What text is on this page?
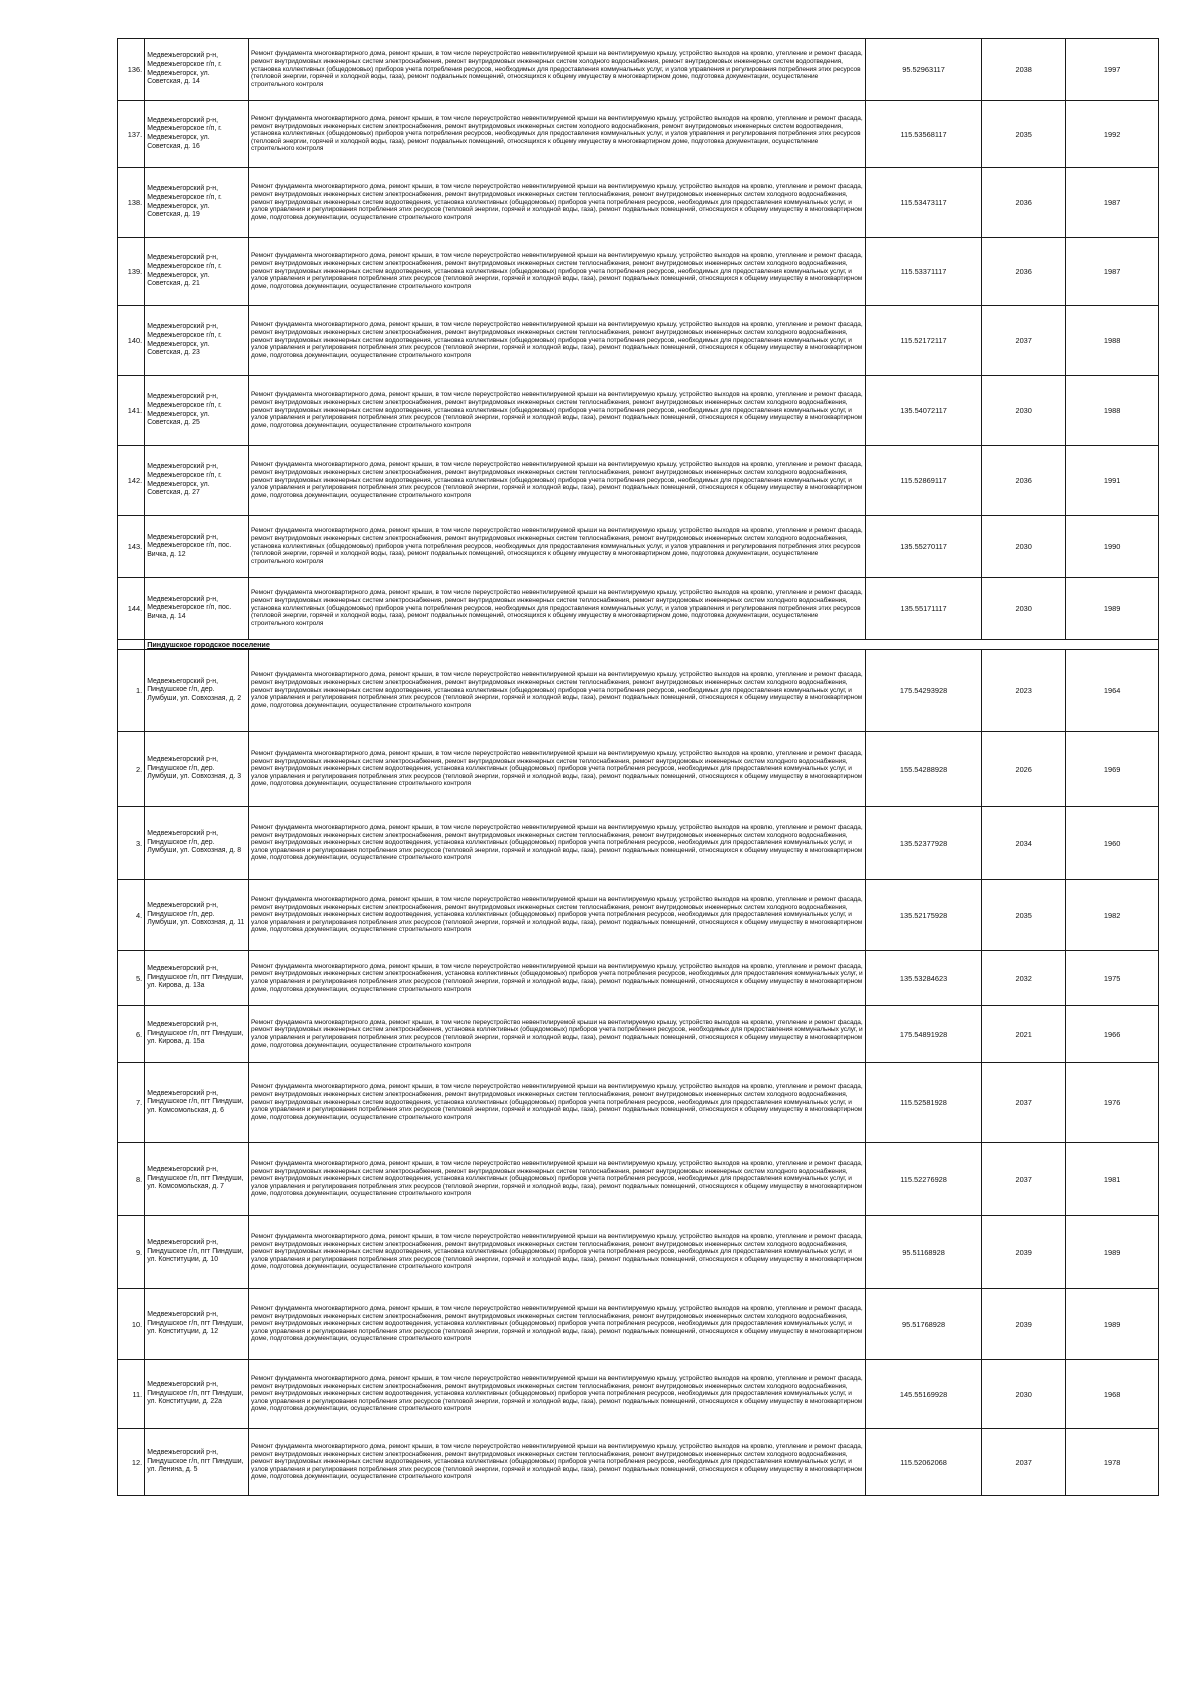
136.	Медвежьегорский р-н, Медвежьегорское г/п, г. Медвежьегорск, ул. Советская, д. 14	Ремонт фундамента многоквартирного дома, ремонт крыши, в том числе переустройство невентилируемой крыши на вентилируемую крышу, устройство выходов на кровлю, утепление и ремонт фасада, ремонт внутридомовых инженерных систем электроснабжения, ремонт внутридомовых инженерных систем холодного водоснабжения, ремонт внутридомовых инженерных систем водоотведения, установка коллективных (общедомовых) приборов учета потребления ресурсов, необходимых для предоставления коммунальных услуг, и узлов управления и регулирования потребления этих ресурсов (тепловой энергии, горячей и холодной воды, газа), ремонт подвальных помещений, относящихся к общему имуществу в многоквартирном доме, подготовка документации, осуществление строительного контроля	95.52963117	2038	1997
137.	Медвежьегорский р-н, Медвежьегорское г/п, г. Медвежьегорск, ул. Советская, д. 16	Ремонт фундамента многоквартирного дома, ремонт крыши, в том числе переустройство невентилируемой крыши на вентилируемую крышу, устройство выходов на кровлю, утепление и ремонт фасада, ремонт внутридомовых инженерных систем электроснабжения, ремонт внутридомовых инженерных систем холодного водоснабжения, ремонт внутридомовых инженерных систем водоотведения, установка коллективных (общедомовых) приборов учета потребления ресурсов, необходимых для предоставления коммунальных услуг, и узлов управления и регулирования потребления этих ресурсов (тепловой энергии, горячей и холодной воды, газа), ремонт подвальных помещений, относящихся к общему имуществу в многоквартирном доме, подготовка документации, осуществление строительного контроля	115.53568117	2035	1992
138.	Медвежьегорский р-н, Медвежьегорское г/п, г. Медвежьегорск, ул. Советская, д. 19	Ремонт фундамента многоквартирного дома, ремонт крыши, в том числе переустройство невентилируемой крыши на вентилируемую крышу, устройство выходов на кровлю, утепление и ремонт фасада, ремонт внутридомовых инженерных систем электроснабжения, ремонт внутридомовых инженерных систем теплоснабжения, ремонт внутридомовых инженерных систем холодного водоснабжения, ремонт внутридомовых инженерных систем водоотведения, установка коллективных (общедомовых) приборов учета потребления ресурсов, необходимых для предоставления коммунальных услуг, и узлов управления и регулирования потребления этих ресурсов (тепловой энергии, горячей и холодной воды, газа), ремонт подвальных помещений, относящихся к общему имуществу в многоквартирном доме, подготовка документации, осуществление строительного контроля	115.53473117	2036	1987
139.	Медвежьегорский р-н, Медвежьегорское г/п, г. Медвежьегорск, ул. Советская, д. 21	Ремонт фундамента многоквартирного дома, ремонт крыши, в том числе переустройство невентилируемой крыши на вентилируемую крышу, устройство выходов на кровлю, утепление и ремонт фасада, ремонт внутридомовых инженерных систем электроснабжения, ремонт внутридомовых инженерных систем теплоснабжения, ремонт внутридомовых инженерных систем холодного водоснабжения, ремонт внутридомовых инженерных систем водоотведения, установка коллективных (общедомовых) приборов учета потребления ресурсов, необходимых для предоставления коммунальных услуг, и узлов управления и регулирования потребления этих ресурсов (тепловой энергии, горячей и холодной воды, газа), ремонт подвальных помещений, относящихся к общему имуществу в многоквартирном доме, подготовка документации, осуществление строительного контроля	115.53371117	2036	1987
140.	Медвежьегорский р-н, Медвежьегорское г/п, г. Медвежьегорск, ул. Советская, д. 23	Ремонт фундамента многоквартирного дома, ремонт крыши, в том числе переустройство невентилируемой крыши на вентилируемую крышу, устройство выходов на кровлю, утепление и ремонт фасада, ремонт внутридомовых инженерных систем электроснабжения, ремонт внутридомовых инженерных систем теплоснабжения, ремонт внутридомовых инженерных систем холодного водоснабжения, ремонт внутридомовых инженерных систем водоотведения, установка коллективных (общедомовых) приборов учета потребления ресурсов, необходимых для предоставления коммунальных услуг, и узлов управления и регулирования потребления этих ресурсов (тепловой энергии, горячей и холодной воды, газа), ремонт подвальных помещений, относящихся к общему имуществу в многоквартирном доме, подготовка документации, осуществление строительного контроля	115.52172117	2037	1988
141.	Медвежьегорский р-н, Медвежьегорское г/п, г. Медвежьегорск, ул. Советская, д. 25	Ремонт фундамента многоквартирного дома, ремонт крыши, в том числе переустройство невентилируемой крыши на вентилируемую крышу, устройство выходов на кровлю, утепление и ремонт фасада, ремонт внутридомовых инженерных систем электроснабжения, ремонт внутридомовых инженерных систем теплоснабжения, ремонт внутридомовых инженерных систем холодного водоснабжения, ремонт внутридомовых инженерных систем водоотведения, установка коллективных (общедомовых) приборов учета потребления ресурсов, необходимых для предоставления коммунальных услуг, и узлов управления и регулирования потребления этих ресурсов (тепловой энергии, горячей и холодной воды, газа), ремонт подвальных помещений, относящихся к общему имуществу в многоквартирном доме, подготовка документации, осуществление строительного контроля	135.54072117	2030	1988
142.	Медвежьегорский р-н, Медвежьегорское г/п, г. Медвежьегорск, ул. Советская, д. 27	Ремонт фундамента многоквартирного дома, ремонт крыши, в том числе переустройство невентилируемой крыши на вентилируемую крышу, устройство выходов на кровлю, утепление и ремонт фасада, ремонт внутридомовых инженерных систем электроснабжения, ремонт внутридомовых инженерных систем теплоснабжения, ремонт внутридомовых инженерных систем холодного водоснабжения, ремонт внутридомовых инженерных систем водоотведения, установка коллективных (общедомовых) приборов учета потребления ресурсов, необходимых для предоставления коммунальных услуг, и узлов управления и регулирования потребления этих ресурсов (тепловой энергии, горячей и холодной воды, газа), ремонт подвальных помещений, относящихся к общему имуществу в многоквартирном доме, подготовка документации, осуществление строительного контроля	115.52869117	2036	1991
143.	Медвежьегорский р-н, Медвежьегорское г/п, пос. Вичка, д. 12	Ремонт фундамента многоквартирного дома, ремонт крыши, в том числе переустройство невентилируемой крыши на вентилируемую крышу, устройство выходов на кровлю, утепление и ремонт фасада, ремонт внутридомовых инженерных систем электроснабжения, ремонт внутридомовых инженерных систем теплоснабжения, ремонт внутридомовых инженерных систем холодного водоснабжения, установка коллективных (общедомовых) приборов учета потребления ресурсов, необходимых для предоставления коммунальных услуг, и узлов управления и регулирования потребления этих ресурсов (тепловой энергии, горячей и холодной воды, газа), ремонт подвальных помещений, относящихся к общему имуществу в многоквартирном доме, подготовка документации, осуществление строительного контроля	135.55270117	2030	1990
144.	Медвежьегорский р-н, Медвежьегорское г/п, пос. Вичка, д. 14	Ремонт фундамента многоквартирного дома, ремонт крыши, в том числе переустройство невентилируемой крыши на вентилируемую крышу, устройство выходов на кровлю, утепление и ремонт фасада, ремонт внутридомовых инженерных систем электроснабжения, ремонт внутридомовых инженерных систем теплоснабжения, ремонт внутридомовых инженерных систем холодного водоснабжения, установка коллективных (общедомовых) приборов учета потребления ресурсов, необходимых для предоставления коммунальных услуг, и узлов управления и регулирования потребления этих ресурсов (тепловой энергии, горячей и холодной воды, газа), ремонт подвальных помещений, относящихся к общему имуществу в многоквартирном доме, подготовка документации, осуществление строительного контроля	135.55171117	2030	1989
	Пиндушское городское поселение				
1.	Медвежьегорский р-н, Пиндушское г/п, дер. Лумбуши, ул. Совхозная, д. 2	Ремонт фундамента многоквартирного дома, ремонт крыши, в том числе переустройство невентилируемой крыши на вентилируемую крышу, устройство выходов на кровлю, утепление и ремонт фасада, ремонт внутридомовых инженерных систем электроснабжения, ремонт внутридомовых инженерных систем теплоснабжения, ремонт внутридомовых инженерных систем холодного водоснабжения, ремонт внутридомовых инженерных систем водоотведения, установка коллективных (общедомовых) приборов учета потребления ресурсов, необходимых для предоставления коммунальных услуг, и узлов управления и регулирования потребления этих ресурсов (тепловой энергии, горячей и холодной воды, газа), ремонт подвальных помещений, относящихся к общему имуществу в многоквартирном доме, подготовка документации, осуществление строительного контроля	175.54293928	2023	1964
2.	Медвежьегорский р-н, Пиндушское г/п, дер. Лумбуши, ул. Совхозная, д. 3	Ремонт фундамента многоквартирного дома, ремонт крыши, в том числе переустройство невентилируемой крыши на вентилируемую крышу, устройство выходов на кровлю, утепление и ремонт фасада, ремонт внутридомовых инженерных систем электроснабжения, ремонт внутридомовых инженерных систем теплоснабжения, ремонт внутридомовых инженерных систем холодного водоснабжения, ремонт внутридомовых инженерных систем водоотведения, установка коллективных (общедомовых) приборов учета потребления ресурсов, необходимых для предоставления коммунальных услуг, и узлов управления и регулирования потребления этих ресурсов (тепловой энергии, горячей и холодной воды, газа), ремонт подвальных помещений, относящихся к общему имуществу в многоквартирном доме, подготовка документации, осуществление строительного контроля	155.54288928	2026	1969
3.	Медвежьегорский р-н, Пиндушское г/п, дер. Лумбуши, ул. Совхозная, д. 8	Ремонт фундамента многоквартирного дома, ремонт крыши, в том числе переустройство невентилируемой крыши на вентилируемую крышу, устройство выходов на кровлю, утепление и ремонт фасада, ремонт внутридомовых инженерных систем электроснабжения, ремонт внутридомовых инженерных систем теплоснабжения, ремонт внутридомовых инженерных систем холодного водоснабжения, ремонт внутридомовых инженерных систем водоотведения, установка коллективных (общедомовых) приборов учета потребления ресурсов, необходимых для предоставления коммунальных услуг, и узлов управления и регулирования потребления этих ресурсов (тепловой энергии, горячей и холодной воды, газа), ремонт подвальных помещений, относящихся к общему имуществу в многоквартирном доме, подготовка документации, осуществление строительного контроля	135.52377928	2034	1960
4.	Медвежьегорский р-н, Пиндушское г/п, дер. Лумбуши, ул. Совхозная, д. 11	Ремонт фундамента многоквартирного дома, ремонт крыши, в том числе переустройство невентилируемой крыши на вентилируемую крышу, устройство выходов на кровлю, утепление и ремонт фасада, ремонт внутридомовых инженерных систем электроснабжения, ремонт внутридомовых инженерных систем теплоснабжения, ремонт внутридомовых инженерных систем холодного водоснабжения, ремонт внутридомовых инженерных систем водоотведения, установка коллективных (общедомовых) приборов учета потребления ресурсов, необходимых для предоставления коммунальных услуг, и узлов управления и регулирования потребления этих ресурсов (тепловой энергии, горячей и холодной воды, газа), ремонт подвальных помещений, относящихся к общему имуществу в многоквартирном доме, подготовка документации, осуществление строительного контроля	135.52175928	2035	1982
5.	Медвежьегорский р-н, Пиндушское г/п, пгт Пиндуши, ул. Кирова, д. 13а	Ремонт фундамента многоквартирного дома, ремонт крыши, в том числе переустройство невентилируемой крыши на вентилируемую крышу, устройство выходов на кровлю, утепление и ремонт фасада, ремонт внутридомовых инженерных систем электроснабжения, установка коллективных (общедомовых) приборов учета потребления ресурсов, необходимых для предоставления коммунальных услуг, и узлов управления и регулирования потребления этих ресурсов (тепловой энергии, горячей и холодной воды, газа), ремонт подвальных помещений, относящихся к общему имуществу в многоквартирном доме, подготовка документации, осуществление строительного контроля	135.53284623	2032	1975
6.	Медвежьегорский р-н, Пиндушское г/п, пгт Пиндуши, ул. Кирова, д. 15а	Ремонт фундамента многоквартирного дома, ремонт крыши, в том числе переустройство невентилируемой крыши на вентилируемую крышу, устройство выходов на кровлю, утепление и ремонт фасада, ремонт внутридомовых инженерных систем электроснабжения, установка коллективных (общедомовых) приборов учета потребления ресурсов, необходимых для предоставления коммунальных услуг, и узлов управления и регулирования потребления этих ресурсов (тепловой энергии, горячей и холодной воды, газа), ремонт подвальных помещений, относящихся к общему имуществу в многоквартирном доме, подготовка документации, осуществление строительного контроля	175.54891928	2021	1966
7.	Медвежьегорский р-н, Пиндушское г/п, пгт Пиндуши, ул. Комсомольская, д. 6	Ремонт фундамента многоквартирного дома, ремонт крыши, в том числе переустройство невентилируемой крыши на вентилируемую крышу, устройство выходов на кровлю, утепление и ремонт фасада, ремонт внутридомовых инженерных систем электроснабжения, ремонт внутридомовых инженерных систем теплоснабжения, ремонт внутридомовых инженерных систем холодного водоснабжения, ремонт внутридомовых инженерных систем водоотведения, установка коллективных (общедомовых) приборов учета потребления ресурсов, необходимых для предоставления коммунальных услуг, и узлов управления и регулирования потребления этих ресурсов (тепловой энергии, горячей и холодной воды, газа), ремонт подвальных помещений, относящихся к общему имуществу в многоквартирном доме, подготовка документации, осуществление строительного контроля	115.52581928	2037	1976
8.	Медвежьегорский р-н, Пиндушское г/п, пгт Пиндуши, ул. Комсомольская, д. 7	Ремонт фундамента многоквартирного дома, ремонт крыши, в том числе переустройство невентилируемой крыши на вентилируемую крышу, устройство выходов на кровлю, утепление и ремонт фасада, ремонт внутридомовых инженерных систем электроснабжения, ремонт внутридомовых инженерных систем теплоснабжения, ремонт внутридомовых инженерных систем холодного водоснабжения, ремонт внутридомовых инженерных систем водоотведения, установка коллективных (общедомовых) приборов учета потребления ресурсов, необходимых для предоставления коммунальных услуг, и узлов управления и регулирования потребления этих ресурсов (тепловой энергии, горячей и холодной воды, газа), ремонт подвальных помещений, относящихся к общему имуществу в многоквартирном доме, подготовка документации, осуществление строительного контроля	115.52276928	2037	1981
9.	Медвежьегорский р-н, Пиндушское г/п, пгт Пиндуши, ул. Конституции, д. 10	Ремонт фундамента многоквартирного дома, ремонт крыши, в том числе переустройство невентилируемой крыши на вентилируемую крышу, устройство выходов на кровлю, утепление и ремонт фасада, ремонт внутридомовых инженерных систем электроснабжения, ремонт внутридомовых инженерных систем теплоснабжения, ремонт внутридомовых инженерных систем холодного водоснабжения, ремонт внутридомовых инженерных систем водоотведения, установка коллективных (общедомовых) приборов учета потребления ресурсов, необходимых для предоставления коммунальных услуг, и узлов управления и регулирования потребления этих ресурсов (тепловой энергии, горячей и холодной воды, газа), ремонт подвальных помещений, относящихся к общему имуществу в многоквартирном доме, подготовка документации, осуществление строительного контроля	95.51168928	2039	1989
10.	Медвежьегорский р-н, Пиндушское г/п, пгт Пиндуши, ул. Конституции, д. 12	Ремонт фундамента многоквартирного дома, ремонт крыши, в том числе переустройство невентилируемой крыши на вентилируемую крышу, устройство выходов на кровлю, утепление и ремонт фасада, ремонт внутридомовых инженерных систем электроснабжения, ремонт внутридомовых инженерных систем теплоснабжения, ремонт внутридомовых инженерных систем холодного водоснабжения, ремонт внутридомовых инженерных систем водоотведения, установка коллективных (общедомовых) приборов учета потребления ресурсов, необходимых для предоставления коммунальных услуг, и узлов управления и регулирования потребления этих ресурсов (тепловой энергии, горячей и холодной воды, газа), ремонт подвальных помещений, относящихся к общему имуществу в многоквартирном доме, подготовка документации, осуществление строительного контроля	95.51768928	2039	1989
11.	Медвежьегорский р-н, Пиндушское г/п, пгт Пиндуши, ул. Конституции, д. 22а	Ремонт фундамента многоквартирного дома, ремонт крыши, в том числе переустройство невентилируемой крыши на вентилируемую крышу, устройство выходов на кровлю, утепление и ремонт фасада, ремонт внутридомовых инженерных систем электроснабжения, ремонт внутридомовых инженерных систем теплоснабжения, ремонт внутридомовых инженерных систем холодного водоснабжения, ремонт внутридомовых инженерных систем водоотведения, установка коллективных (общедомовых) приборов учета потребления ресурсов, необходимых для предоставления коммунальных услуг, и узлов управления и регулирования потребления этих ресурсов (тепловой энергии, горячей и холодной воды, газа), ремонт подвальных помещений, относящихся к общему имуществу в многоквартирном доме, подготовка документации, осуществление строительного контроля	145.55169928	2030	1968
12.	Медвежьегорский р-н, Пиндушское г/п, пгт Пиндуши, ул. Ленина, д. 5	Ремонт фундамента многоквартирного дома, ремонт крыши, в том числе переустройство невентилируемой крыши на вентилируемую крышу, устройство выходов на кровлю, утепление и ремонт фасада, ремонт внутридомовых инженерных систем электроснабжения, ремонт внутридомовых инженерных систем теплоснабжения, ремонт внутридомовых инженерных систем холодного водоснабжения, ремонт внутридомовых инженерных систем водоотведения, установка коллективных (общедомовых) приборов учета потребления ресурсов, необходимых для предоставления коммунальных услуг, и узлов управления и регулирования потребления этих ресурсов (тепловой энергии, горячей и холодной воды, газа), ремонт подвальных помещений, относящихся к общему имуществу в многоквартирном доме, подготовка документации, осуществление строительного контроля	115.52062068	2037	1978
